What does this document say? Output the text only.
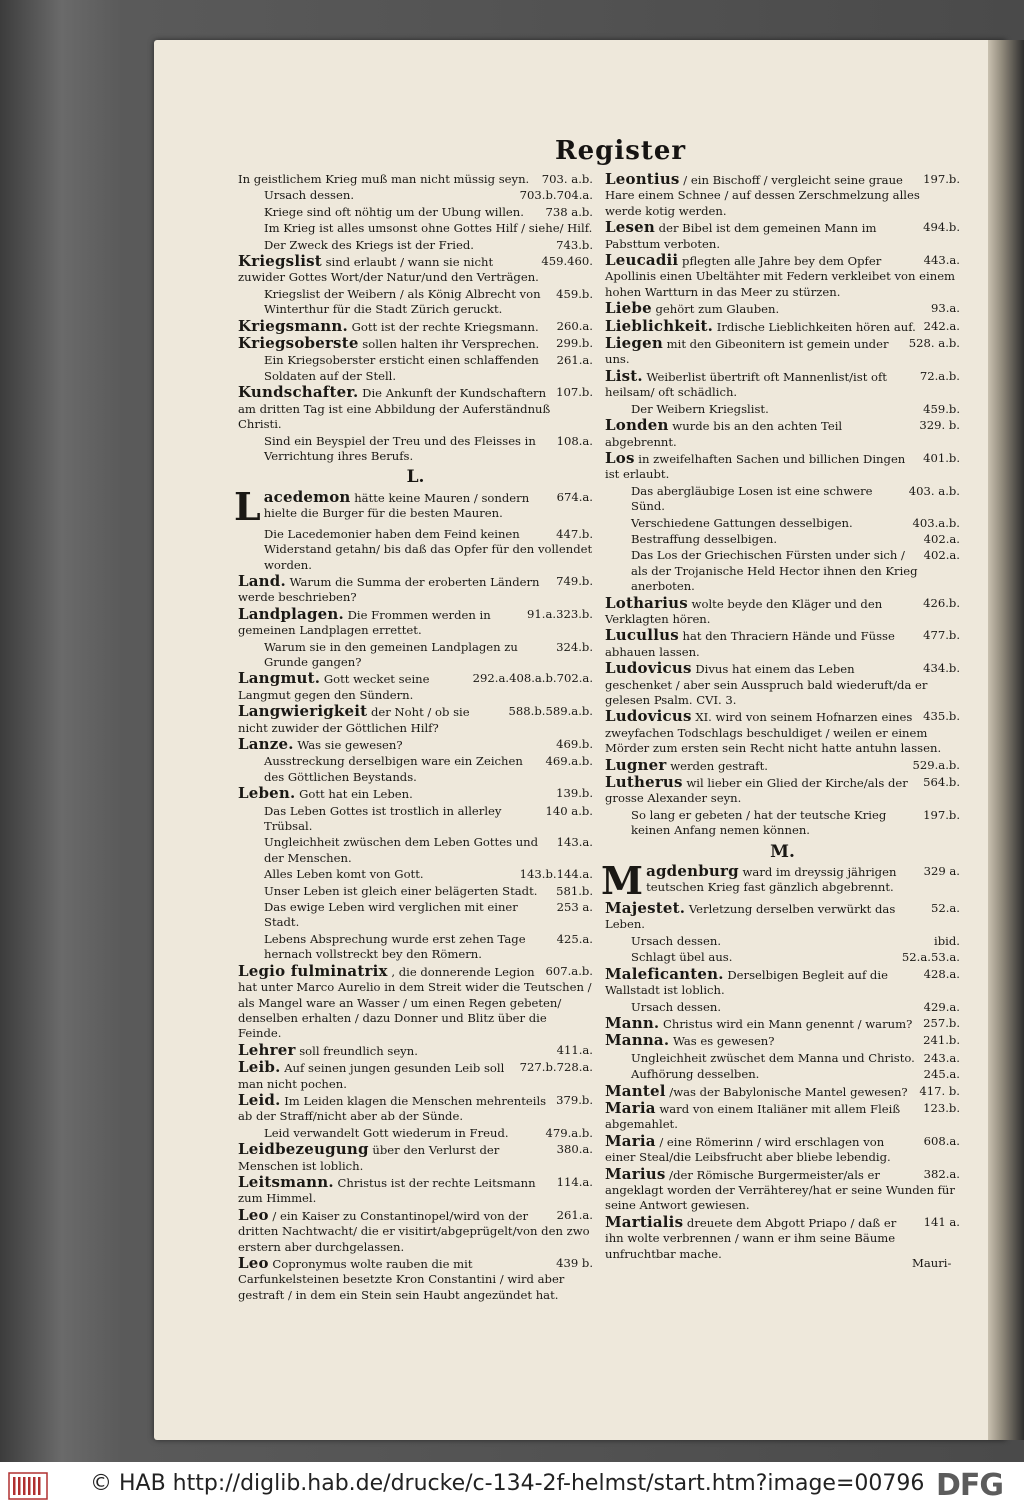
Register
703. a.b.
In geistlichem Krieg muß man nicht müssig seyn.
703.b.704.a.
Ursach dessen.
738 a.b.
Kriege sind oft nöhtig um der Ubung willen.
Im Krieg ist alles umsonst ohne Gottes Hilf / siehe/ Hilf.
743.b.
Der Zweck des Kriegs ist der Fried.
459.460.
Kriegslist sind erlaubt / wann sie nicht zuwider Gottes Wort/der Natur/und den Verträgen.
459.b.
Kriegslist der Weibern / als König Albrecht von Winterthur für die Stadt Zürich geruckt.
260.a.
Kriegsmann. Gott ist der rechte Kriegsmann.
299.b.
Kriegsoberste sollen halten ihr Versprechen.
261.a.
Ein Kriegsoberster ersticht einen schlaffenden Soldaten auf der Stell.
107.b.
Kundschafter. Die Ankunft der Kundschaftern am dritten Tag ist eine Abbildung der Auferständnuß Christi.
108.a.
Sind ein Beyspiel der Treu und des Fleisses in Verrichtung ihres Berufs.
L.
674.a.
L acedemon hätte keine Mauren / sondern hielte die Burger für die besten Mauren.
447.b.
Die Lacedemonier haben dem Feind keinen Widerstand getahn/ bis daß das Opfer für den vollendet worden.
749.b.
Land. Warum die Summa der eroberten Ländern werde beschrieben?
91.a.323.b.
Landplagen. Die Frommen werden in gemeinen Landplagen errettet.
324.b.
Warum sie in den gemeinen Landplagen zu Grunde gangen?
292.a.408.a.b.702.a.
Langmut. Gott wecket seine Langmut gegen den Sündern.
588.b.589.a.b.
Langwierigkeit der Noht / ob sie nicht zuwider der Göttlichen Hilf?
469.b.
Lanze. Was sie gewesen?
469.a.b.
Ausstreckung derselbigen ware ein Zeichen des Göttlichen Beystands.
139.b.
Leben. Gott hat ein Leben.
140 a.b.
Das Leben Gottes ist trostlich in allerley Trübsal.
143.a.
Ungleichheit zwüschen dem Leben Gottes und der Menschen.
143.b.144.a.
Alles Leben komt von Gott.
581.b.
Unser Leben ist gleich einer belägerten Stadt.
253 a.
Das ewige Leben wird verglichen mit einer Stadt.
425.a.
Lebens Absprechung wurde erst zehen Tage hernach vollstreckt bey den Römern.
607.a.b.
Legio fulminatrix , die donnerende Legion hat unter Marco Aurelio in dem Streit wider die Teutschen / als Mangel ware an Wasser / um einen Regen gebeten/ denselben erhalten / dazu Donner und Blitz über die Feinde.
411.a.
Lehrer soll freundlich seyn.
727.b.728.a.
Leib. Auf seinen jungen gesunden Leib soll man nicht pochen.
379.b.
Leid. Im Leiden klagen die Menschen mehrenteils ab der Straff/nicht aber ab der Sünde.
479.a.b.
Leid verwandelt Gott wiederum in Freud.
380.a.
Leidbezeugung über den Verlurst der Menschen ist loblich.
114.a.
Leitsmann. Christus ist der rechte Leitsmann zum Himmel.
261.a.
Leo / ein Kaiser zu Constantinopel/wird von der dritten Nachtwacht/ die er visitirt/abgeprügelt/von den zwo erstern aber durchgelassen.
439 b.
Leo Copronymus wolte rauben die mit Carfunkelsteinen besetzte Kron Constantini / wird aber gestraft / in dem ein Stein sein Haubt angezündet hat.
197.b.
Leontius / ein Bischoff / vergleicht seine graue Hare einem Schnee / auf dessen Zerschmelzung alles werde kotig werden.
494.b.
Lesen der Bibel ist dem gemeinen Mann im Pabsttum verboten.
443.a.
Leucadii pflegten alle Jahre bey dem Opfer Apollinis einen Ubeltähter mit Federn verkleibet von einem hohen Wartturn in das Meer zu stürzen.
93.a.
Liebe gehört zum Glauben.
242.a.
Lieblichkeit. Irdische Lieblichkeiten hören auf.
528. a.b.
Liegen mit den Gibeonitern ist gemein under uns.
72.a.b.
List. Weiberlist übertrift oft Mannenlist/ist oft heilsam/ oft schädlich.
459.b.
Der Weibern Kriegslist.
329. b.
Londen wurde bis an den achten Teil abgebrennt.
401.b.
Los in zweifelhaften Sachen und billichen Dingen ist erlaubt.
403. a.b.
Das abergläubige Losen ist eine schwere Sünd.
403.a.b.
Verschiedene Gattungen desselbigen.
402.a.
Bestraffung desselbigen.
402.a.
Das Los der Griechischen Fürsten under sich / als der Trojanische Held Hector ihnen den Krieg anerboten.
426.b.
Lotharius wolte beyde den Kläger und den Verklagten hören.
477.b.
Lucullus hat den Thraciern Hände und Füsse abhauen lassen.
434.b.
Ludovicus Divus hat einem das Leben geschenket / aber sein Ausspruch bald wiederuft/da er gelesen Psalm. CVI. 3.
435.b.
Ludovicus XI. wird von seinem Hofnarzen eines zweyfachen Todschlags beschuldiget / weilen er einem Mörder zum ersten sein Recht nicht hatte antuhn lassen.
529.a.b.
Lugner werden gestraft.
564.b.
Lutherus wil lieber ein Glied der Kirche/als der grosse Alexander seyn.
197.b.
So lang er gebeten / hat der teutsche Krieg keinen Anfang nemen können.
M.
329 a.
M agdenburg ward im dreyssig jährigen teutschen Krieg fast gänzlich abgebrennt.
52.a.
Majestet. Verletzung derselben verwürkt das Leben.
ibid.
Ursach dessen.
52.a.53.a.
Schlagt übel aus.
428.a.
Maleficanten. Derselbigen Begleit auf die Wallstadt ist loblich.
429.a.
Ursach dessen.
257.b.
Mann. Christus wird ein Mann genennt / warum?
241.b.
Manna. Was es gewesen?
243.a.
Ungleichheit zwüschet dem Manna und Christo.
245.a.
Aufhörung desselben.
417. b.
Mantel /was der Babylonische Mantel gewesen?
123.b.
Maria ward von einem Italiäner mit allem Fleiß abgemahlet.
608.a.
Maria / eine Römerinn / wird erschlagen von einer Steal/die Leibsfrucht aber bliebe lebendig.
382.a.
Marius /der Römische Burgermeister/als er angeklagt worden der Verrähterey/hat er seine Wunden für seine Antwort gewiesen.
141 a.
Martialis dreuete dem Abgott Priapo / daß er ihn wolte verbrennen / wann er ihm seine Bäume unfruchtbar mache.
Mauri-
© HAB http://diglib.hab.de/drucke/c-134-2f-helmst/start.htm?image=00796 DFG
